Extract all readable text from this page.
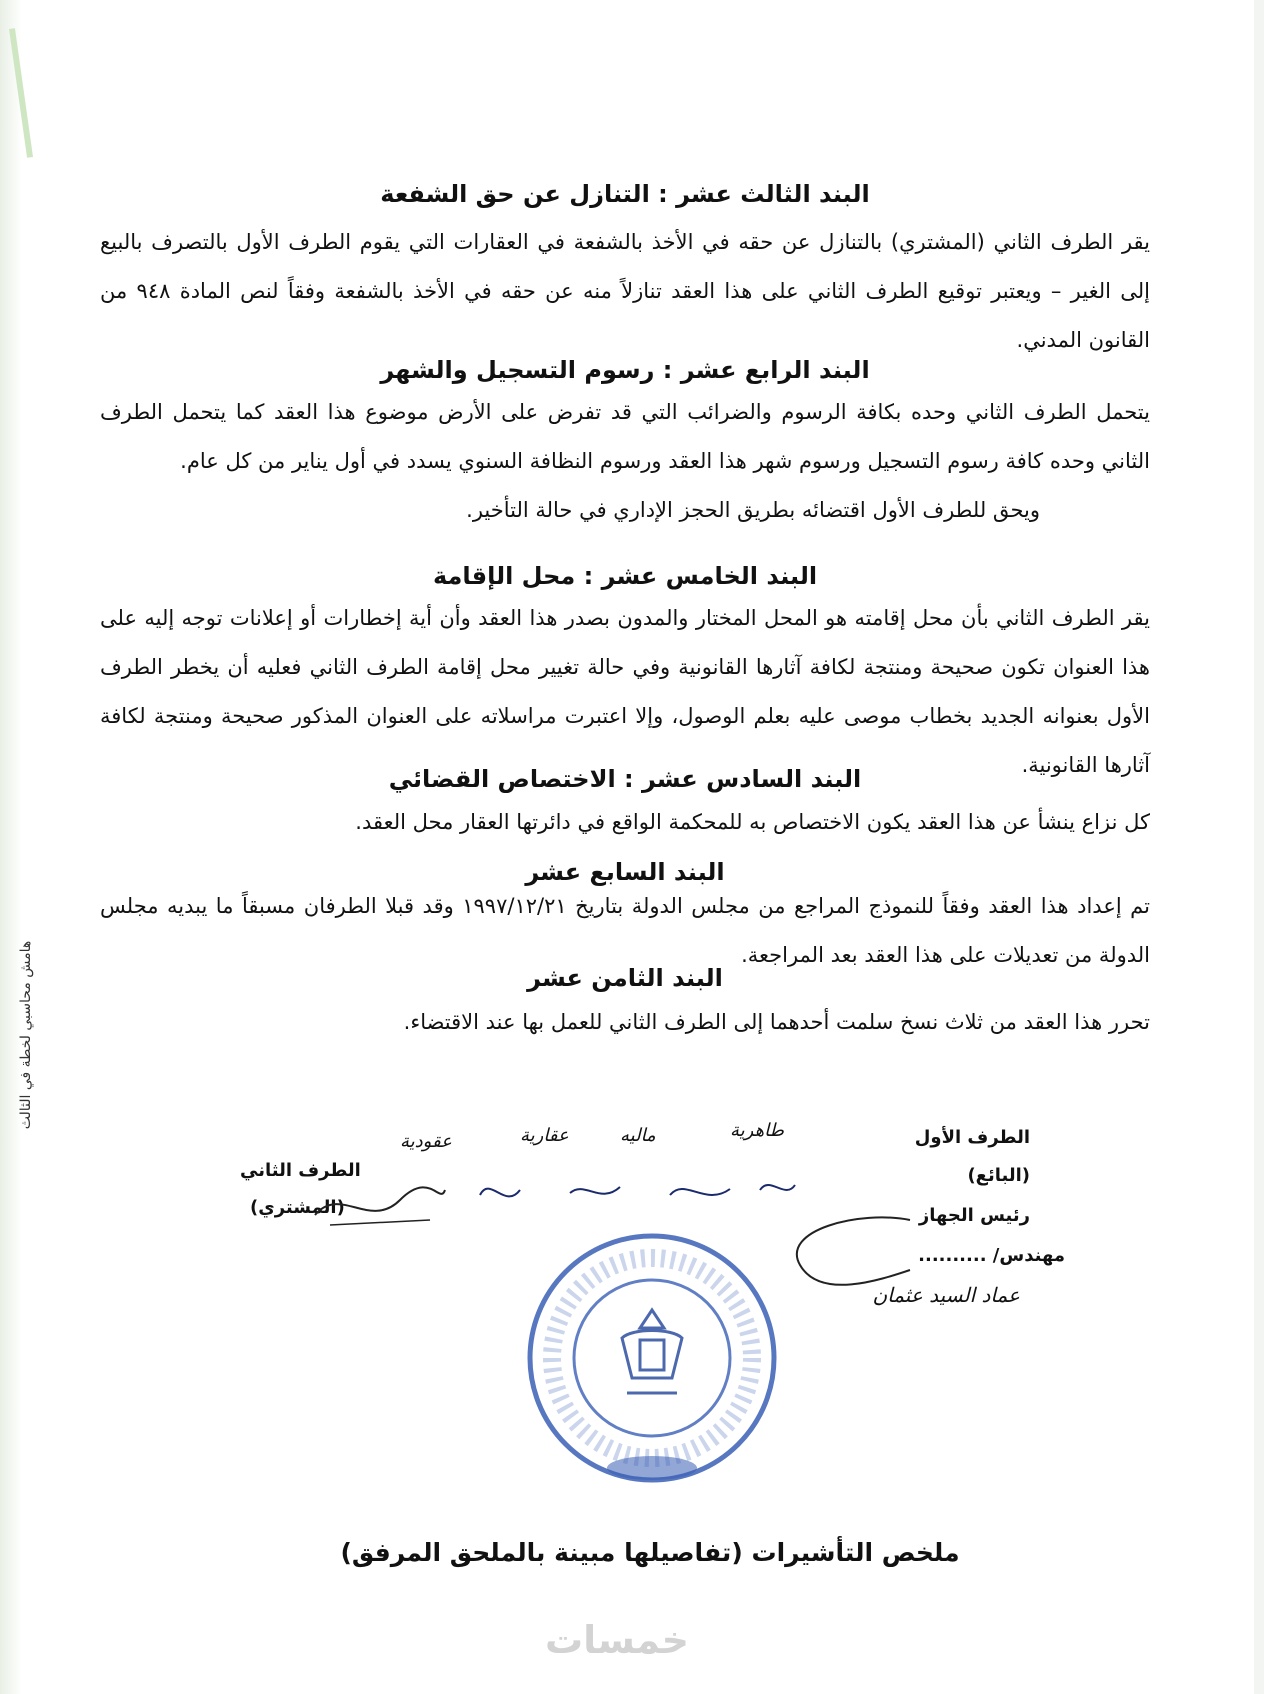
البند الثالث عشر : التنازل عن حق الشفعة
يقر الطرف الثاني (المشتري) بالتنازل عن حقه في الأخذ بالشفعة في العقارات التي يقوم الطرف الأول بالتصرف بالبيع إلى الغير – ويعتبر توقيع الطرف الثاني على هذا العقد تنازلاً منه عن حقه في الأخذ بالشفعة وفقاً لنص المادة ٩٤٨ من القانون المدني.
البند الرابع عشر : رسوم التسجيل والشهر
يتحمل الطرف الثاني وحده بكافة الرسوم والضرائب التي قد تفرض على الأرض موضوع هذا العقد كما يتحمل الطرف الثاني وحده كافة رسوم التسجيل ورسوم شهر هذا العقد ورسوم النظافة السنوي يسدد في أول يناير من كل عام.
ويحق للطرف الأول اقتضائه بطريق الحجز الإداري في حالة التأخير.
البند الخامس عشر : محل الإقامة
يقر الطرف الثاني بأن محل إقامته هو المحل المختار والمدون بصدر هذا العقد وأن أية إخطارات أو إعلانات توجه إليه على هذا العنوان تكون صحيحة ومنتجة لكافة آثارها القانونية وفي حالة تغيير محل إقامة الطرف الثاني فعليه أن يخطر الطرف الأول بعنوانه الجديد بخطاب موصى عليه بعلم الوصول، وإلا اعتبرت مراسلاته على العنوان المذكور صحيحة ومنتجة لكافة آثارها القانونية.
البند السادس عشر : الاختصاص القضائي
كل نزاع ينشأ عن هذا العقد يكون الاختصاص به للمحكمة الواقع في دائرتها العقار محل العقد.
البند السابع عشر
تم إعداد هذا العقد وفقاً للنموذج المراجع من مجلس الدولة بتاريخ ١٩٩٧/١٢/٢١ وقد قبلا الطرفان مسبقاً ما يبديه مجلس الدولة من تعديلات على هذا العقد بعد المراجعة.
البند الثامن عشر
تحرر هذا العقد من ثلاث نسخ سلمت أحدهما إلى الطرف الثاني للعمل بها عند الاقتضاء.
هامش محاسبي لخطة في الثالث
الطرف الأول
(البائع)
رئيس الجهاز
مهندس/ ..........
عماد السيد عثمان
الطرف الثاني
(المشتري)
طاهرية
ماليه
عقارية
عقودية
ملخص التأشيرات (تفاصيلها مبينة بالملحق المرفق)
خمسات
